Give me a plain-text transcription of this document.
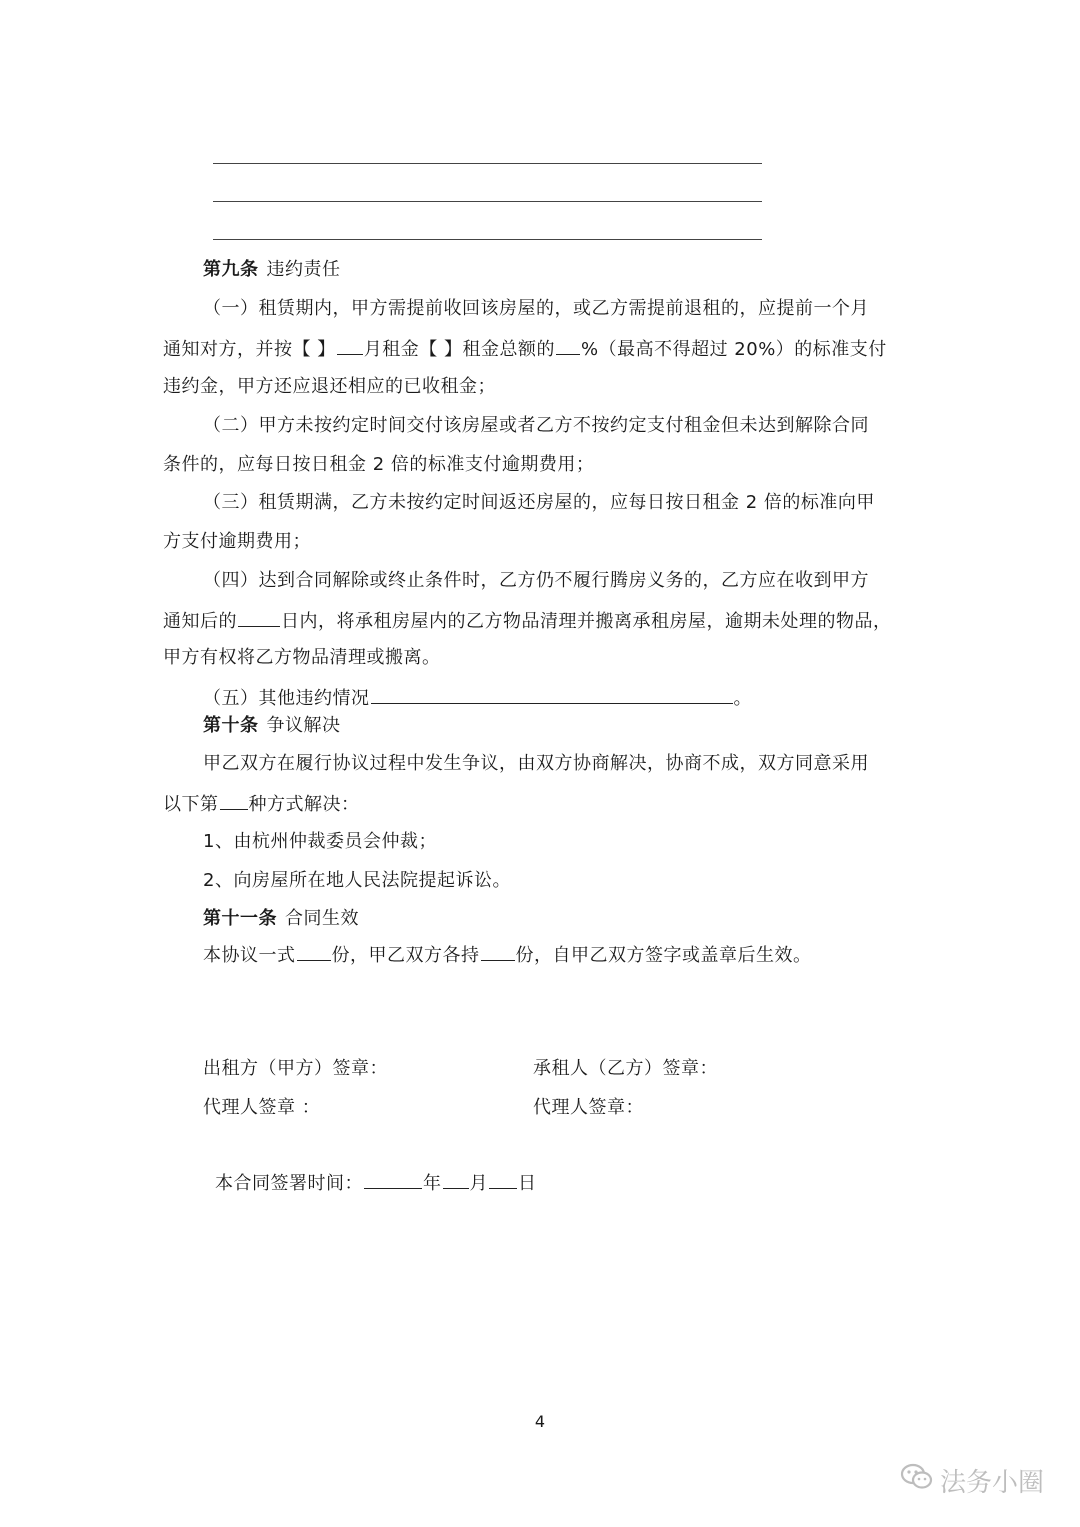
第九条 违约责任

（一）租赁期内，甲方需提前收回该房屋的，或乙方需提前退租的，应提前一个月

通知对方，并按【 】 月租金【 】租金总额的 %（最高不得超过 20%）的标准支付

违约金，甲方还应退还相应的已收租金；

（二）甲方未按约定时间交付该房屋或者乙方不按约定支付租金但未达到解除合同

条件的，应每日按日租金 2 倍的标准支付逾期费用；

（三）租赁期满，乙方未按约定时间返还房屋的，应每日按日租金 2 倍的标准向甲

方支付逾期费用；

（四）达到合同解除或终止条件时，乙方仍不履行腾房义务的，乙方应在收到甲方

通知后的 日内，将承租房屋内的乙方物品清理并搬离承租房屋，逾期未处理的物品，

甲方有权将乙方物品清理或搬离。

（五）其他违约情况	。

第十条 争议解决

甲乙双方在履行协议过程中发生争议，由双方协商解决，协商不成，双方同意采用

以下第 种方式解决：

1、由杭州仲裁委员会仲裁；

2、向房屋所在地人民法院提起诉讼。

第十一条 合同生效

本协议一式 份，甲乙双方各持 份，自甲乙双方签字或盖章后生效。

出租方（甲方）签章：	承租人（乙方）签章：

代理人签章 ：	代理人签章：

本合同签署时间：	年 月 日

4
法务小圈
